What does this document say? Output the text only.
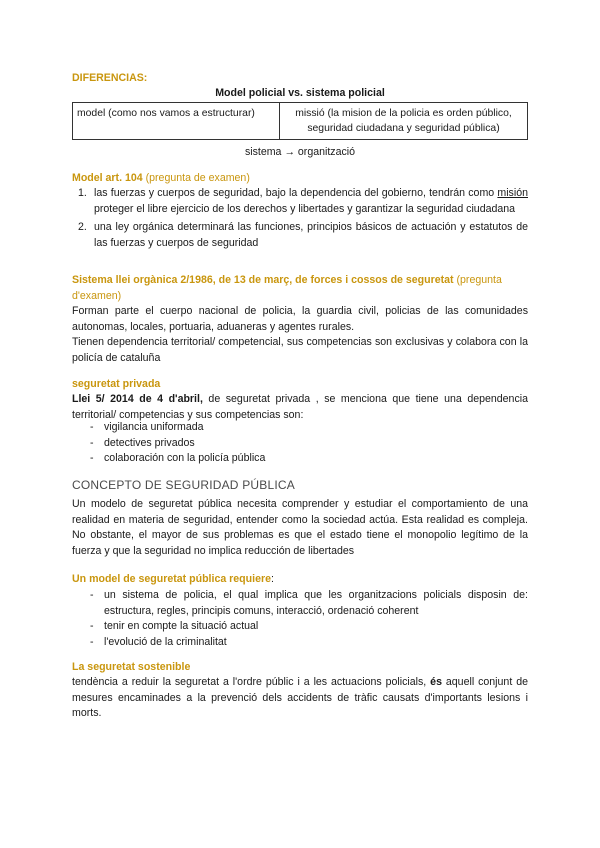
DIFERENCIAS:
Model policial vs. sistema policial
model (como nos vamos a estructurar)	missió (la mision de la policia es orden público, seguridad ciudadana y seguridad pública)
sistema → organització
Model art. 104 (pregunta de examen)
1. las fuerzas y cuerpos de seguridad, bajo la dependencia del gobierno, tendrán como misión proteger el libre ejercicio de los derechos y libertades y garantizar la seguridad ciudadana
2. una ley orgánica determinará las funciones, principios básicos de actuación y estatutos de las fuerzas y cuerpos de seguridad
Sistema llei orgànica 2/1986, de 13 de març, de forces i cossos de seguretat (pregunta d'examen)
Forman parte el cuerpo nacional de policia, la guardia civil, policias de las comunidades autonomas, locales, portuaria, aduaneras y agentes rurales.
Tienen dependencia territorial/ competencial, sus competencias son exclusivas y colabora con la policía de cataluña
seguretat privada
Llei 5/ 2014 de 4 d'abril, de seguretat privada , se menciona que tiene una dependencia territorial/ competencias y sus competencias son:
- vigilancia uniformada
- detectives privados
- colaboración con la policía pública
CONCEPTO DE SEGURIDAD PÚBLICA
Un modelo de seguretat pública necesita comprender y estudiar el comportamiento de una realidad en materia de seguridad, entender como la sociedad actúa. Esta realidad es compleja. No obstante, el mayor de sus problemas es que el estado tiene el monopolio legítimo de la fuerza y que la seguridad no implica reducción de libertades
Un model de seguretat pública requiere:
- un sistema de policia, el qual implica que les organitzacions policials disposin de: estructura, regles, principis comuns, interacció, ordenació coherent
- tenir en compte la situació actual
- l'evolució de la criminalitat
La seguretat sostenible
tendència a reduir la seguretat a l'ordre públic i a les actuacions policials, és aquell conjunt de mesures encaminades a la prevenció dels accidents de tràfic causats d'importants lesions i morts.
